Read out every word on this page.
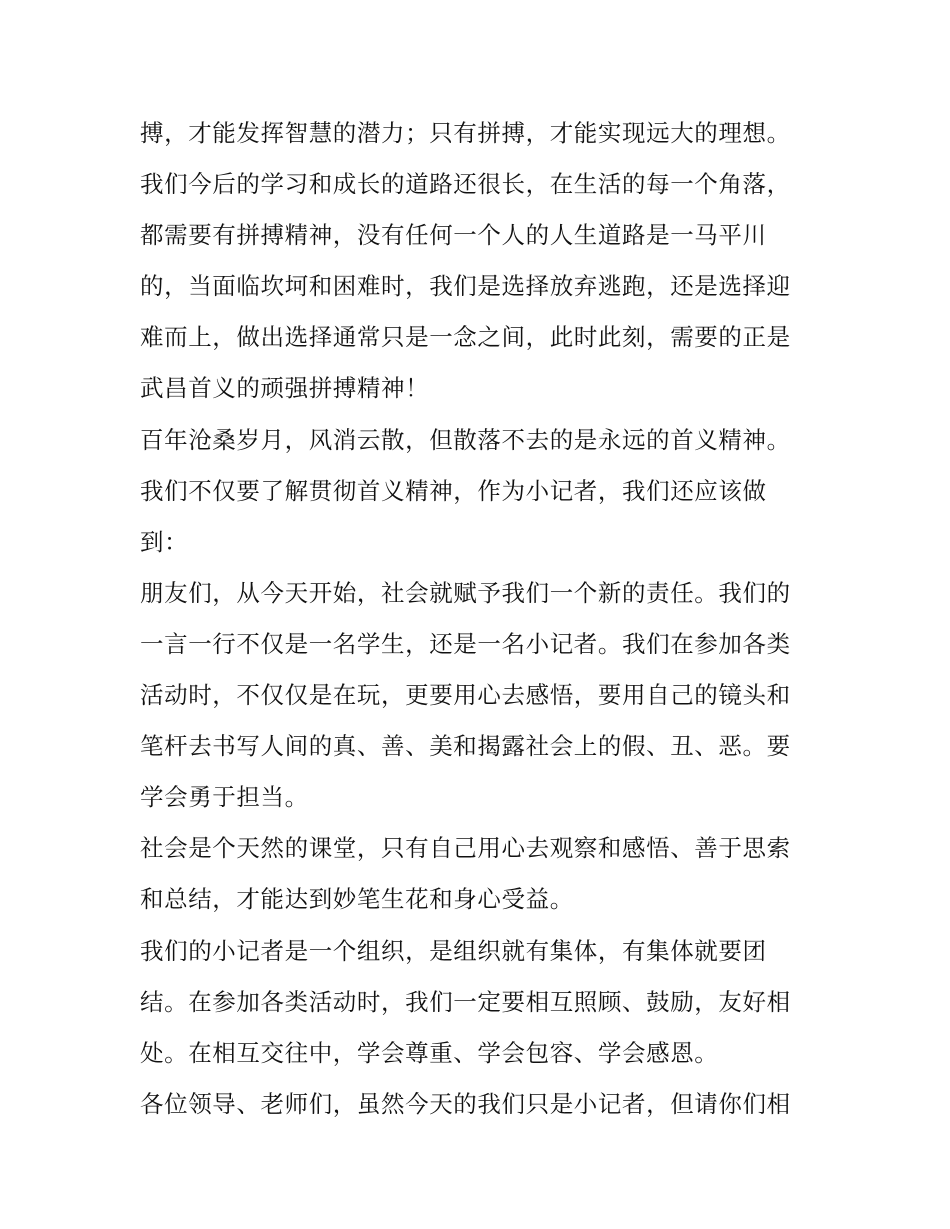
搏，才能发挥智慧的潜力；只有拼搏，才能实现远大的理想。
我们今后的学习和成长的道路还很长，在生活的每一个角落，
都需要有拼搏精神，没有任何一个人的人生道路是一马平川
的，当面临坎坷和困难时，我们是选择放弃逃跑，还是选择迎
难而上，做出选择通常只是一念之间，此时此刻，需要的正是
武昌首义的顽强拼搏精神！
百年沧桑岁月，风消云散，但散落不去的是永远的首义精神。
我们不仅要了解贯彻首义精神，作为小记者，我们还应该做
到：
朋友们，从今天开始，社会就赋予我们一个新的责任。我们的
一言一行不仅是一名学生，还是一名小记者。我们在参加各类
活动时，不仅仅是在玩，更要用心去感悟，要用自己的镜头和
笔杆去书写人间的真、善、美和揭露社会上的假、丑、恶。要
学会勇于担当。
社会是个天然的课堂，只有自己用心去观察和感悟、善于思索
和总结，才能达到妙笔生花和身心受益。
我们的小记者是一个组织，是组织就有集体，有集体就要团
结。在参加各类活动时，我们一定要相互照顾、鼓励，友好相
处。在相互交往中，学会尊重、学会包容、学会感恩。
各位领导、老师们，虽然今天的我们只是小记者，但请你们相
